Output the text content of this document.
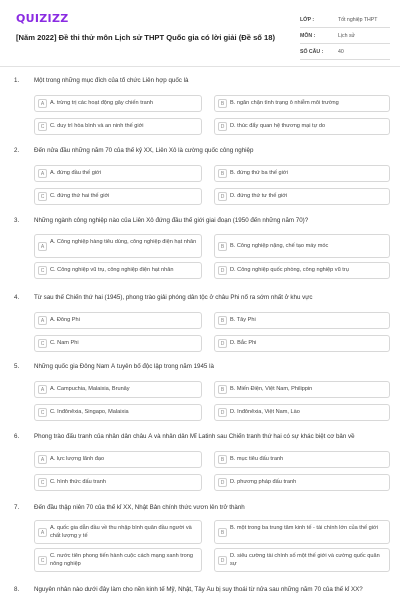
QUIZIZZ
[Năm 2022] Đề thi thử môn Lịch sử THPT Quốc gia có lời giải (Đề số 18)
LỚP :	Tốt nghiệp THPT
MÔN :	Lịch sử
SỐ CÂU :	40
1. Một trong những mục đích của tổ chức Liên hợp quốc là
A	A. trừng trị các hoạt động gây chiến tranh	B	B. ngăn chặn tình trạng ô nhiễm môi trường
C	C. duy trì hòa bình và an ninh thế giới	D	D. thúc đẩy quan hệ thương mại tự do
2. Đến nửa đầu những năm 70 của thế kỷ XX, Liên Xô là cường quốc công nghiệp
A	A. đứng đầu thế giới	B	B. đứng thứ ba thế giới
C	C. đứng thứ hai thế giới	D	D. đứng thứ tư thế giới
3. Những ngành công nghiệp nào của Liên Xô đứng đầu thế giới giai đoạn (1950 đến những năm 70)?
A
A. Công nghiệp hàng tiêu dùng, công nghiệp điện hạt nhân
B	B. Công nghiệp nặng, chế tạo máy móc
C	C. Công nghiệp vũ trụ, công nghiệp điện hạt nhân	D	D. Công nghiệp quốc phòng, công nghiệp vũ trụ
4. Từ sau thế Chiến thứ hai (1945), phong trào giải phóng dân tộc ở châu Phi nổ ra sớm nhất ở khu vực
A	A. Đông Phi	B	B. Tây Phi
C	C. Nam Phi	D	D. Bắc Phi
5. Những quốc gia Đông Nam Á tuyên bố độc lập trong năm 1945 là
A	A. Campuchia, Malaixia, Brunây	B	B. Miến Điện, Việt Nam, Philippin
C	C. Inđônêxia, Singapo, Malaixia	D	D. Inđônêxia, Việt Nam, Lào
6. Phong trào đấu tranh của nhân dân châu Á và nhân dân Mĩ Latinh sau Chiến tranh thứ hai có sự khác biệt cơ bản về
A	A. lực lượng lãnh đạo	B	B. mục tiêu đấu tranh
C	C. hình thức đấu tranh	D	D. phương pháp đấu tranh
7. Đến đầu thập niên 70 của thế kỉ XX, Nhật Bản chính thức vươn lên trở thành
A
A. quốc gia dẫn đầu về thu nhập bình quân đầu người và chất lượng y tế	B
B. một trong ba trung tâm kinh tế - tài chính lớn của thế giới
C
C. nước tiên phong tiến hành cuộc cách mạng xanh trong nông nghiệp	D
D. siêu cường tài chính số một thế giới và cường quốc quân sự
8. Nguyên nhân nào dưới đây làm cho nền kinh tế Mỹ, Nhật, Tây Âu bị suy thoái từ nửa sau những năm 70 của thế kỉ XX?
